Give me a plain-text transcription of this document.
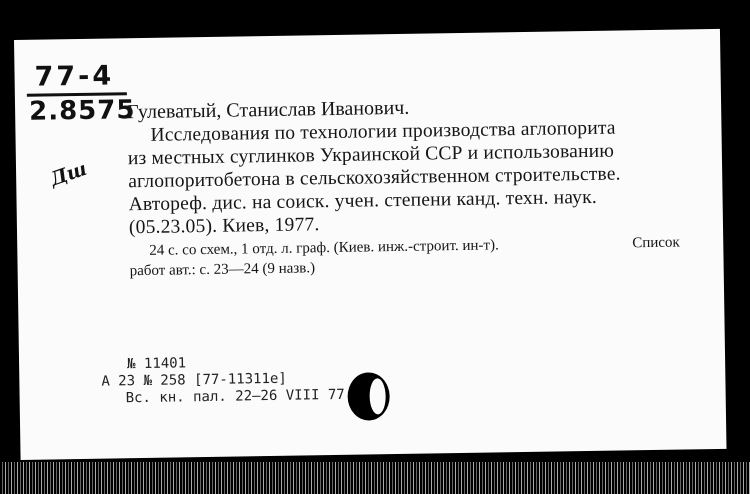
77-4
2.8575
Дш
Гулеватый, Станислав Иванович.
Исследования по технологии производства аглопорита
из местных суглинков Украинской ССР и использованию
аглопоритобетона в сельскохозяйственном строительстве.
Автореф. дис. на соиск. учен. степени канд. техн. наук.
(05.23.05). Киев, 1977.
24 с. со схем., 1 отд. л. граф. (Киев. инж.-строит. ин-т).	Список
работ авт.: с. 23—24 (9 назв.)
№ 11401
А 23 № 258 [77-11311е]
Вс. кн. пал. 22—26 VIII 77
